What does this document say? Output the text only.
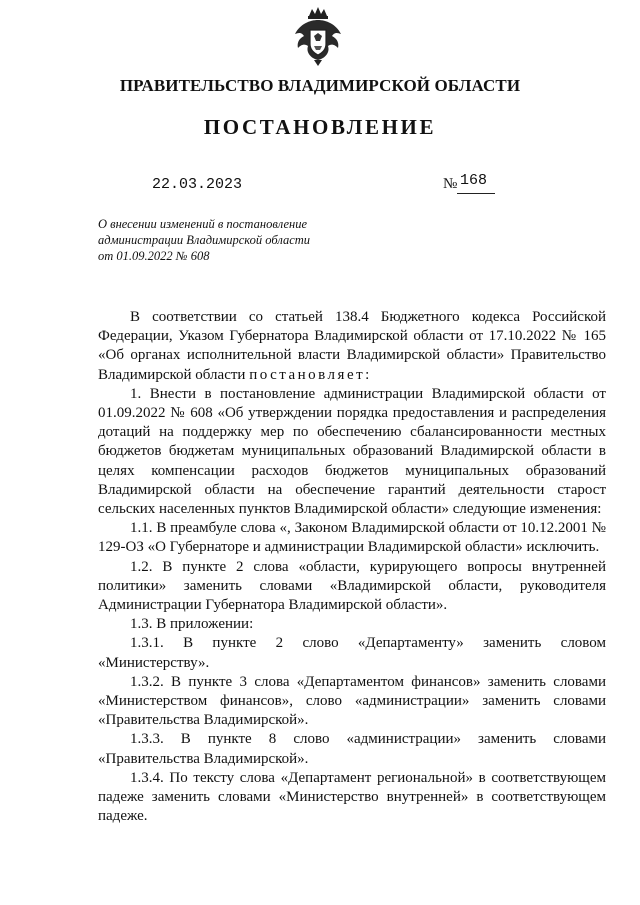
ПРАВИТЕЛЬСТВО ВЛАДИМИРСКОЙ ОБЛАСТИ
ПОСТАНОВЛЕНИЕ
22.03.2023	№ 168
О внесении изменений в постановление
администрации Владимирской области
от 01.09.2022 № 608

В соответствии со статьей 138.4 Бюджетного кодекса Российской Федерации, Указом Губернатора Владимирской области от 17.10.2022 № 165 «Об органах исполнительной власти Владимирской области» Правительство Владимирской области постановляет:

1. Внести в постановление администрации Владимирской области от 01.09.2022 № 608 «Об утверждении порядка предоставления и распределения дотаций на поддержку мер по обеспечению сбалансированности местных бюджетов бюджетам муниципальных образований Владимирской области в целях компенсации расходов бюджетов муниципальных образований Владимирской области на обеспечение гарантий деятельности старост сельских населенных пунктов Владимирской области» следующие изменения:

1.1. В преамбуле слова «, Законом Владимирской области от 10.12.2001 № 129-ОЗ «О Губернаторе и администрации Владимирской области» исключить.

1.2. В пункте 2 слова «области, курирующего вопросы внутренней политики» заменить словами «Владимирской области, руководителя Администрации Губернатора Владимирской области».

1.3. В приложении:

1.3.1. В пункте 2 слово «Департаменту» заменить словом «Министерству».

1.3.2. В пункте 3 слова «Департаментом финансов» заменить словами «Министерством финансов», слово «администрации» заменить словами «Правительства Владимирской».

1.3.3. В пункте 8 слово «администрации» заменить словами «Правительства Владимирской».

1.3.4. По тексту слова «Департамент региональной» в соответствующем падеже заменить словами «Министерство внутренней» в соответствующем падеже.
